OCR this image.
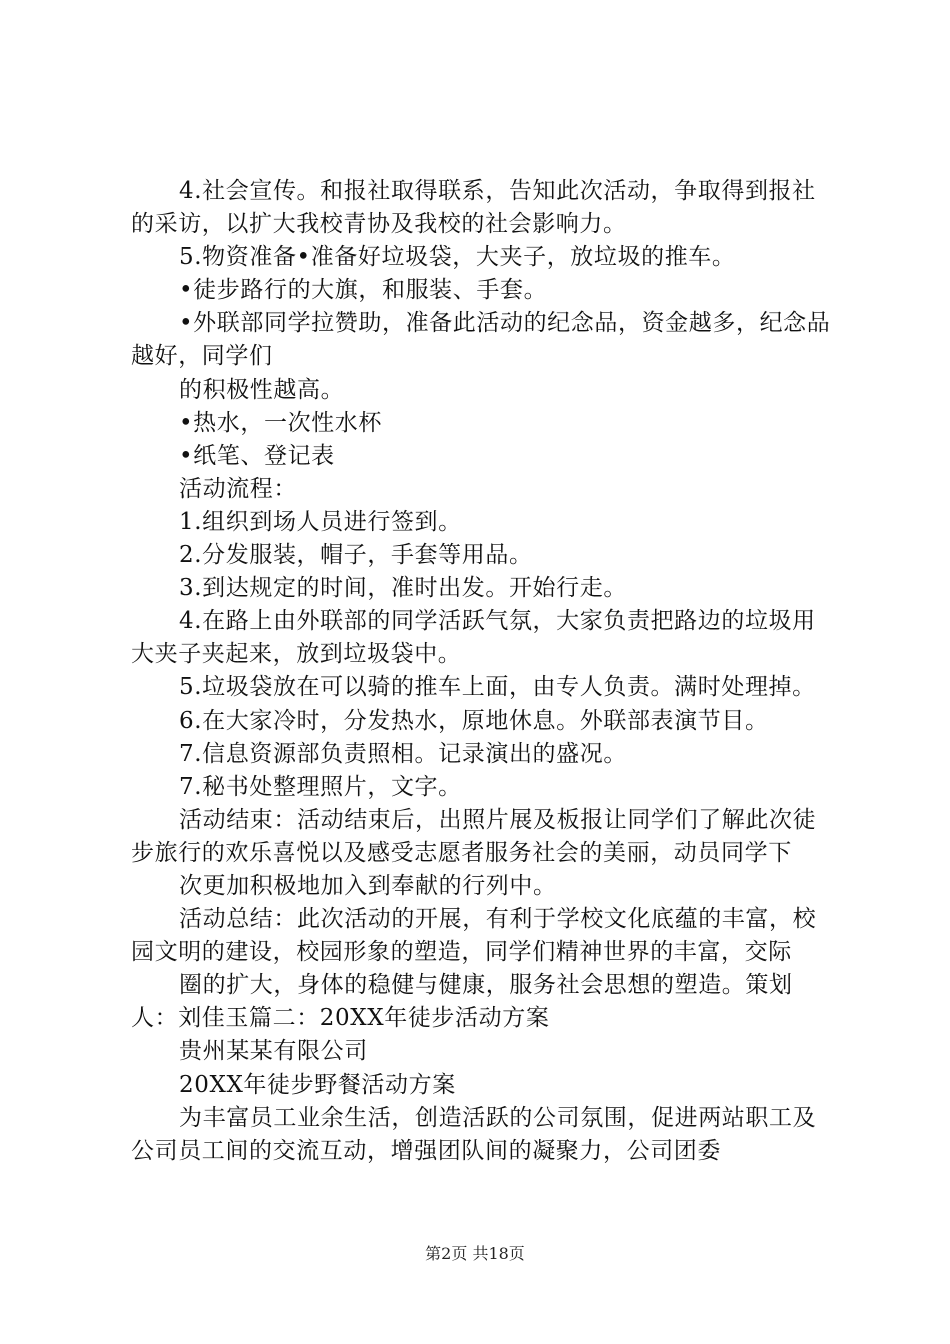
4.社会宣传。和报社取得联系，告知此次活动，争取得到报社的采访，以扩大我校青协及我校的社会影响力。

5.物资准备•准备好垃圾袋，大夹子，放垃圾的推车。

•徒步路行的大旗，和服装、手套。

•外联部同学拉赞助，准备此活动的纪念品，资金越多，纪念品越好，同学们

的积极性越高。

•热水，一次性水杯

•纸笔、登记表

活动流程：

1.组织到场人员进行签到。

2.分发服装，帽子，手套等用品。

3.到达规定的时间，准时出发。开始行走。

4.在路上由外联部的同学活跃气氛，大家负责把路边的垃圾用大夹子夹起来，放到垃圾袋中。

5.垃圾袋放在可以骑的推车上面，由专人负责。满时处理掉。

6.在大家冷时，分发热水，原地休息。外联部表演节目。

7.信息资源部负责照相。记录演出的盛况。

7.秘书处整理照片，文字。

活动结束：活动结束后，出照片展及板报让同学们了解此次徒步旅行的欢乐喜悦以及感受志愿者服务社会的美丽，动员同学下

次更加积极地加入到奉献的行列中。

活动总结：此次活动的开展，有利于学校文化底蕴的丰富，校园文明的建设，校园形象的塑造，同学们精神世界的丰富，交际

圈的扩大，身体的稳健与健康，服务社会思想的塑造。策划人：刘佳玉篇二：20XX年徒步活动方案

贵州某某有限公司

20XX年徒步野餐活动方案

为丰富员工业余生活，创造活跃的公司氛围，促进两站职工及公司员工间的交流互动，增强团队间的凝聚力，公司团委

第2页 共18页
